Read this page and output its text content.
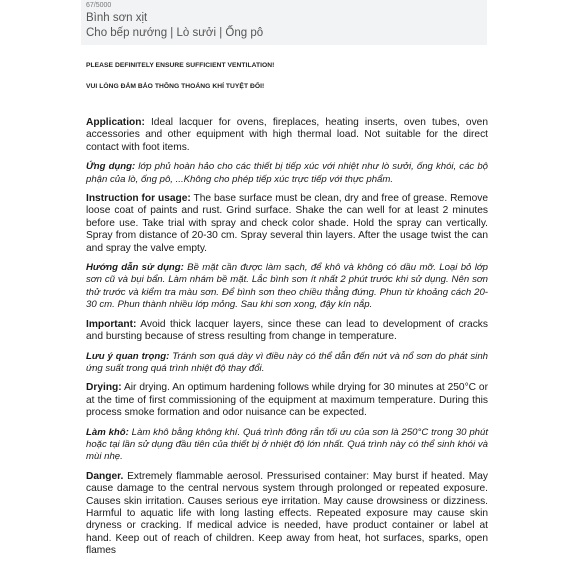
67/5000
Bình sơn xịt
Cho bếp nướng | Lò sưởi | Ống pô
PLEASE DEFINITELY ENSURE SUFFICIENT VENTILATION!
VUI LÒNG ĐẢM BẢO THÔNG THOÁNG KHÍ TUYỆT ĐỐI!

Application: Ideal lacquer for ovens, fireplaces, heating inserts, oven tubes, oven accessories and other equipment with high thermal load. Not suitable for the direct contact with foot items.

Ứng dụng: lớp phủ hoàn hảo cho các thiết bị tiếp xúc với nhiệt như lò sưởi, ống khói, các bộ phận của lò, ống pô, ...Không cho phép tiếp xúc trực tiếp với thực phẩm.

Instruction for usage: The base surface must be clean, dry and free of grease. Remove loose coat of paints and rust. Grind surface. Shake the can well for at least 2 minutes before use. Take trial with spray and check color shade. Hold the spray can vertically. Spray from distance of 20-30 cm. Spray several thin layers. After the usage twist the can and spray the valve empty.

Hướng dẫn sử dụng: Bề mặt cần được làm sạch, để khô và không có dầu mỡ. Loại bỏ lớp sơn cũ và bụi bẩn. Làm nhám bề mặt. Lắc bình sơn ít nhất 2 phút trước khi sử dụng. Nên sơn thử trước và kiểm tra màu sơn. Để bình sơn theo chiều thẳng đứng. Phun từ khoảng cách 20-30 cm. Phun thành nhiều lớp mỏng. Sau khi sơn xong, đậy kín nắp.

Important: Avoid thick lacquer layers, since these can lead to development of cracks and bursting because of stress resulting from change in temperature.

Lưu ý quan trọng: Tránh sơn quá dày vì điều này có thể dẫn đến nứt và nổ sơn do phát sinh ứng suất trong quá trình nhiệt độ thay đổi.

Drying: Air drying. An optimum hardening follows while drying for 30 minutes at 250°C or at the time of first commissioning of the equipment at maximum temperature. During this process smoke formation and odor nuisance can be expected.

Làm khô: Làm khô bằng không khí. Quá trình đông rắn tối ưu của sơn là 250°C trong 30 phút hoặc tại lần sử dụng đầu tiên của thiết bị ở nhiệt độ lớn nhất. Quá trình này có thể sinh khói và mùi nhẹ.

Danger. Extremely flammable aerosol. Pressurised container: May burst if heated. May cause damage to the central nervous system through prolonged or repeated exposure. Causes skin irritation. Causes serious eye irritation. May cause drowsiness or dizziness. Harmful to aquatic life with long lasting effects. Repeated exposure may cause skin dryness or cracking. If medical advice is needed, have product container or label at hand. Keep out of reach of children. Keep away from heat, hot surfaces, sparks, open flames
